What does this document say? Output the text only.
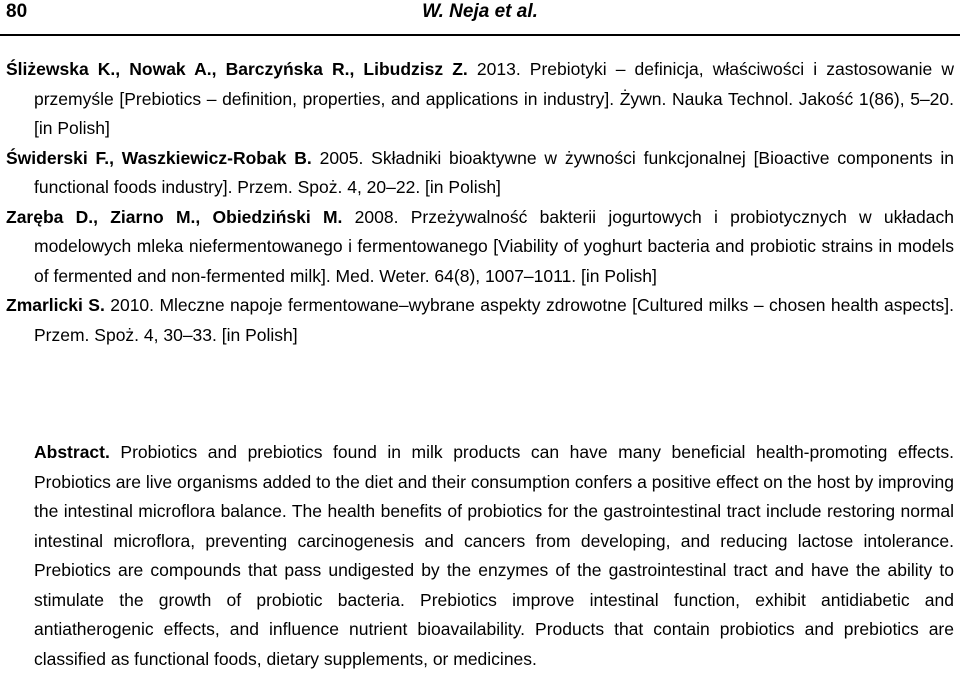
80	W. Neja et al.

Śliżewska K., Nowak A., Barczyńska R., Libudzisz Z. 2013. Prebiotyki – definicja, właściwości i zastosowanie w przemyśle [Prebiotics – definition, properties, and applications in industry]. Żywn. Nauka Technol. Jakość 1(86), 5–20. [in Polish]

Świderski F., Waszkiewicz-Robak B. 2005. Składniki bioaktywne w żywności funkcjonalnej [Bioactive components in functional foods industry]. Przem. Spoż. 4, 20–22. [in Polish]

Zaręba D., Ziarno M., Obiedziński M. 2008. Przeżywalność bakterii jogurtowych i probiotycznych w układach modelowych mleka niefermentowanego i fermentowanego [Viability of yoghurt bacteria and probiotic strains in models of fermented and non-fermented milk]. Med. Weter. 64(8), 1007–1011. [in Polish]

Zmarlicki S. 2010. Mleczne napoje fermentowane–wybrane aspekty zdrowotne [Cultured milks – chosen health aspects]. Przem. Spoż. 4, 30–33. [in Polish]

Abstract. Probiotics and prebiotics found in milk products can have many beneficial health-promoting effects. Probiotics are live organisms added to the diet and their consumption confers a positive effect on the host by improving the intestinal microflora balance. The health benefits of probiotics for the gastrointestinal tract include restoring normal intestinal microflora, preventing carcinogenesis and cancers from developing, and reducing lactose intolerance. Prebiotics are compounds that pass undigested by the enzymes of the gastrointestinal tract and have the ability to stimulate the growth of probiotic bacteria. Prebiotics improve intestinal function, exhibit antidiabetic and antiatherogenic effects, and influence nutrient bioavailability. Products that contain probiotics and prebiotics are classified as functional foods, dietary supplements, or medicines.
